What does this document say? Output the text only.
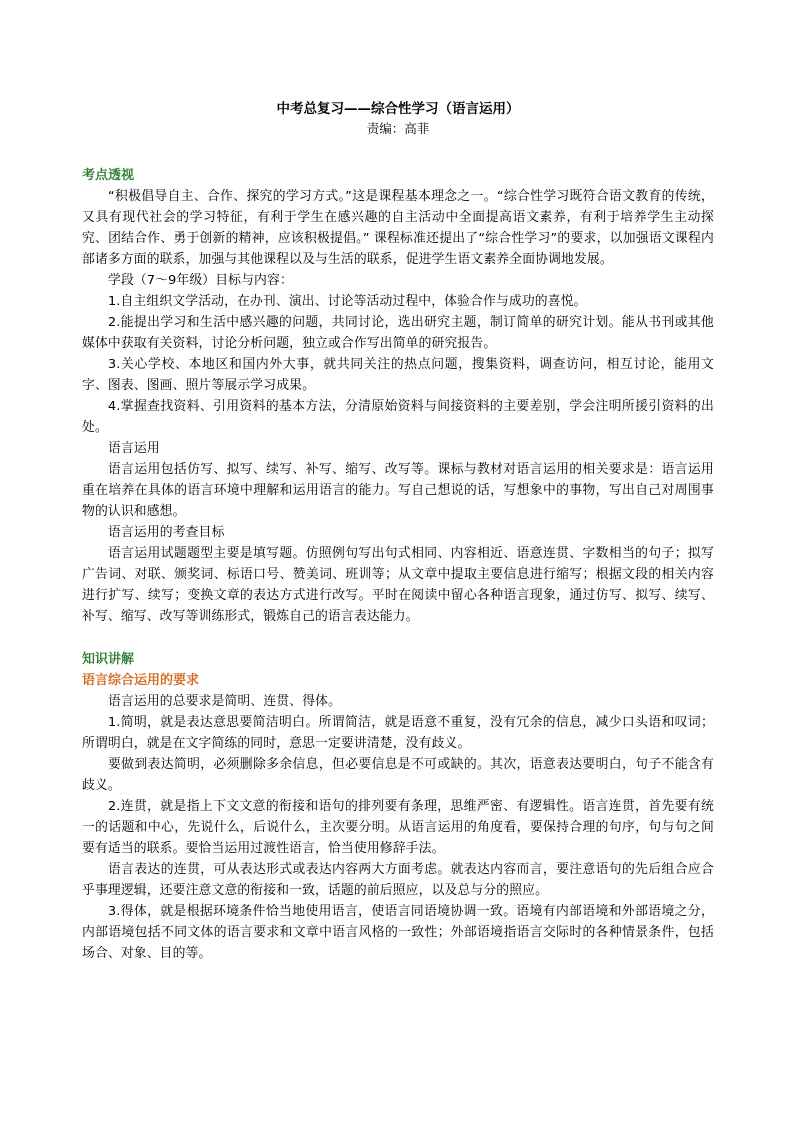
中考总复习——综合性学习（语言运用）
责编：高菲
考点透视

“积极倡导自主、合作、探究的学习方式。”这是课程基本理念之一。“综合性学习既符合语文教育的传统，又具有现代社会的学习特征，有利于学生在感兴趣的自主活动中全面提高语文素养，有利于培养学生主动探究、团结合作、勇于创新的精神，应该积极提倡。” 课程标准还提出了“综合性学习”的要求，以加强语文课程内部诸多方面的联系，加强与其他课程以及与生活的联系，促进学生语文素养全面协调地发展。

学段（7～9年级）目标与内容：

1.自主组织文学活动，在办刊、演出、讨论等活动过程中，体验合作与成功的喜悦。

2.能提出学习和生活中感兴趣的问题，共同讨论，选出研究主题，制订简单的研究计划。能从书刊或其他媒体中获取有关资料，讨论分析问题，独立或合作写出简单的研究报告。

3.关心学校、本地区和国内外大事，就共同关注的热点问题，搜集资料，调查访问，相互讨论，能用文字、图表、图画、照片等展示学习成果。

4.掌握查找资料、引用资料的基本方法，分清原始资料与间接资料的主要差别，学会注明所援引资料的出处。

语言运用

语言运用包括仿写、拟写、续写、补写、缩写、改写等。课标与教材对语言运用的相关要求是：语言运用重在培养在具体的语言环境中理解和运用语言的能力。写自己想说的话，写想象中的事物，写出自己对周围事物的认识和感想。

语言运用的考查目标

语言运用试题题型主要是填写题。仿照例句写出句式相同、内容相近、语意连贯、字数相当的句子；拟写广告词、对联、颁奖词、标语口号、赞美词、班训等；从文章中提取主要信息进行缩写；根据文段的相关内容进行扩写、续写；变换文章的表达方式进行改写。平时在阅读中留心各种语言现象，通过仿写、拟写、续写、补写、缩写、改写等训练形式，锻炼自己的语言表达能力。

知识讲解
语言综合运用的要求

语言运用的总要求是简明、连贯、得体。

1.简明，就是表达意思要简洁明白。所谓简洁，就是语意不重复，没有冗余的信息，减少口头语和叹词；所谓明白，就是在文字简练的同时，意思一定要讲清楚，没有歧义。

要做到表达简明，必须删除多余信息，但必要信息是不可或缺的。其次，语意表达要明白，句子不能含有歧义。

2.连贯，就是指上下文文意的衔接和语句的排列要有条理，思维严密、有逻辑性。语言连贯，首先要有统一的话题和中心，先说什么，后说什么，主次要分明。从语言运用的角度看，要保持合理的句序，句与句之间要有适当的联系。要恰当运用过渡性语言，恰当使用修辞手法。

语言表达的连贯，可从表达形式或表达内容两大方面考虑。就表达内容而言，要注意语句的先后组合应合乎事理逻辑，还要注意文意的衔接和一致，话题的前后照应，以及总与分的照应。

3.得体，就是根据环境条件恰当地使用语言，使语言同语境协调一致。语境有内部语境和外部语境之分，内部语境包括不同文体的语言要求和文章中语言风格的一致性；外部语境指语言交际时的各种情景条件，包括场合、对象、目的等。
